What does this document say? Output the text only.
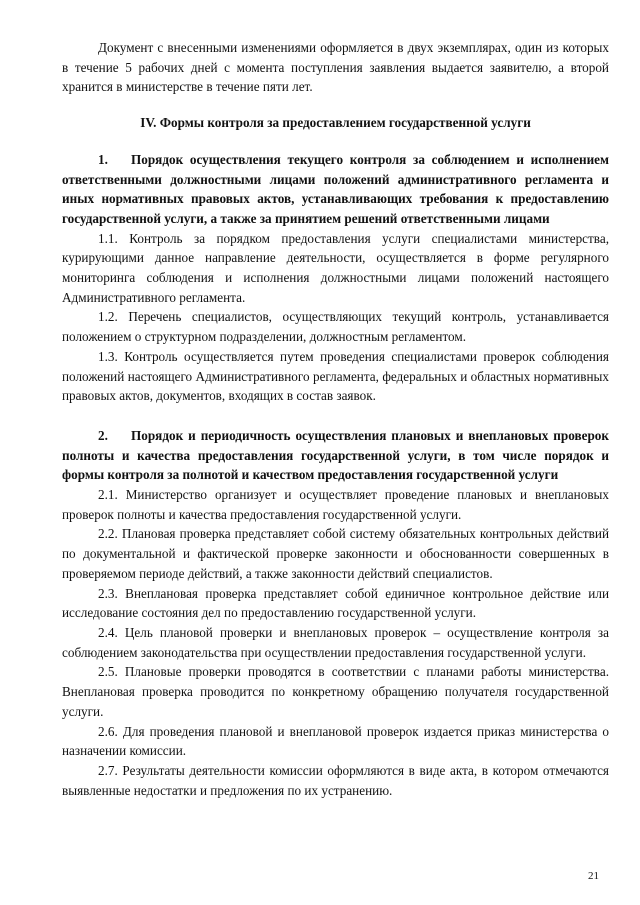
Документ с внесенными изменениями оформляется в двух экземплярах, один из которых в течение 5 рабочих дней с момента поступления заявления выдается заявителю, а второй хранится в министерстве в течение пяти лет.

IV. Формы контроля за предоставлением государственной услуги

1. Порядок осуществления текущего контроля за соблюдением и исполнением ответственными должностными лицами положений административного регламента и иных нормативных правовых актов, устанавливающих требования к предоставлению государственной услуги, а также за принятием решений ответственными лицами

1.1. Контроль за порядком предоставления услуги специалистами министерства, курирующими данное направление деятельности, осуществляется в форме регулярного мониторинга соблюдения и исполнения должностными лицами положений настоящего Административного регламента.

1.2. Перечень специалистов, осуществляющих текущий контроль, устанавливается положением о структурном подразделении, должностным регламентом.

1.3. Контроль осуществляется путем проведения специалистами проверок соблюдения положений настоящего Административного регламента, федеральных и областных нормативных правовых актов, документов, входящих в состав заявок.

2. Порядок и периодичность осуществления плановых и внеплановых проверок полноты и качества предоставления государственной услуги, в том числе порядок и формы контроля за полнотой и качеством предоставления государственной услуги

2.1. Министерство организует и осуществляет проведение плановых и внеплановых проверок полноты и качества предоставления государственной услуги.

2.2. Плановая проверка представляет собой систему обязательных контрольных действий по документальной и фактической проверке законности и обоснованности совершенных в проверяемом периоде действий, а также законности действий специалистов.

2.3. Внеплановая проверка представляет собой единичное контрольное действие или исследование состояния дел по предоставлению государственной услуги.

2.4. Цель плановой проверки и внеплановых проверок – осуществление контроля за соблюдением законодательства при осуществлении предоставления государственной услуги.

2.5. Плановые проверки проводятся в соответствии с планами работы министерства. Внеплановая проверка проводится по конкретному обращению получателя государственной услуги.

2.6. Для проведения плановой и внеплановой проверок издается приказ министерства о назначении комиссии.

2.7. Результаты деятельности комиссии оформляются в виде акта, в котором отмечаются выявленные недостатки и предложения по их устранению.

21
